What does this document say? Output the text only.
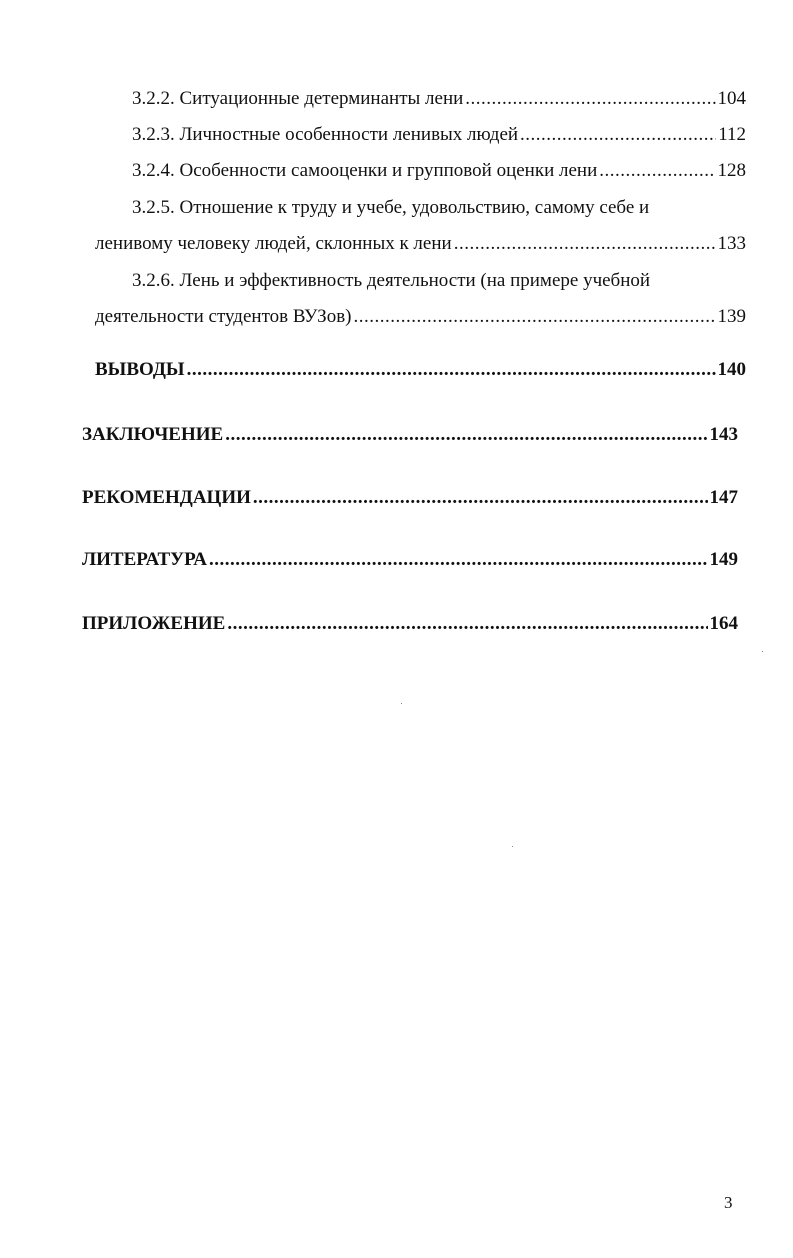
3.2.2. Ситуационные детерминанты лени .....	104
3.2.3. Личностные особенности ленивых людей .....	112
3.2.4. Особенности самооценки и групповой оценки лени .....	128
3.2.5. Отношение к труду и учебе, удовольствию, самому себе и
ленивому человеку людей, склонных к лени .....	133
3.2.6. Лень и эффективность деятельности (на примере учебной
деятельности студентов ВУЗов) .....	139
ВЫВОДЫ .....	140
ЗАКЛЮЧЕНИЕ .....	143
РЕКОМЕНДАЦИИ .....	147
ЛИТЕРАТУРА .....	149
ПРИЛОЖЕНИЕ .....	164
3
